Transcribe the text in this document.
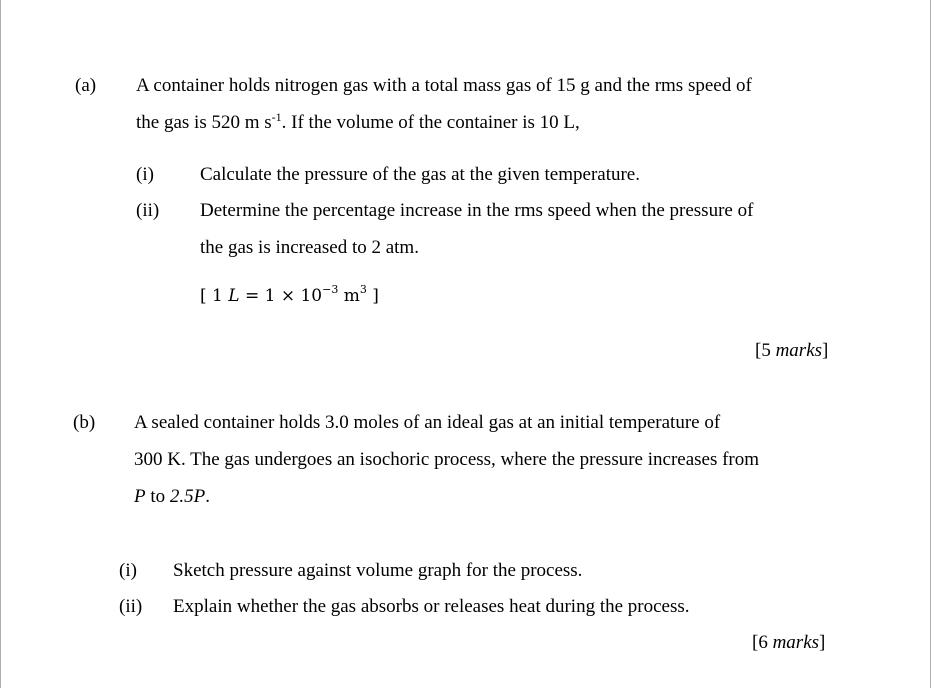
(a) A container holds nitrogen gas with a total mass gas of 15 g and the rms speed of
the gas is 520 m $s^{-1}$. If the volume of the container is 10 L,
(i) Calculate the pressure of the gas at the given temperature.
(ii) Determine the percentage increase in the rms speed when the pressure of
the gas is increased to 2 atm.
[ 1 $L = 1 \times 10^{-3}$ $m^3$ ]
[5 marks]
(b) A sealed container holds 3.0 moles of an ideal gas at an initial temperature of
300 K. The gas undergoes an isochoric process, where the pressure increases from
P to 2.5P.
(i) Sketch pressure against volume graph for the process.
(ii) Explain whether the gas absorbs or releases heat during the process.
[6 marks]
